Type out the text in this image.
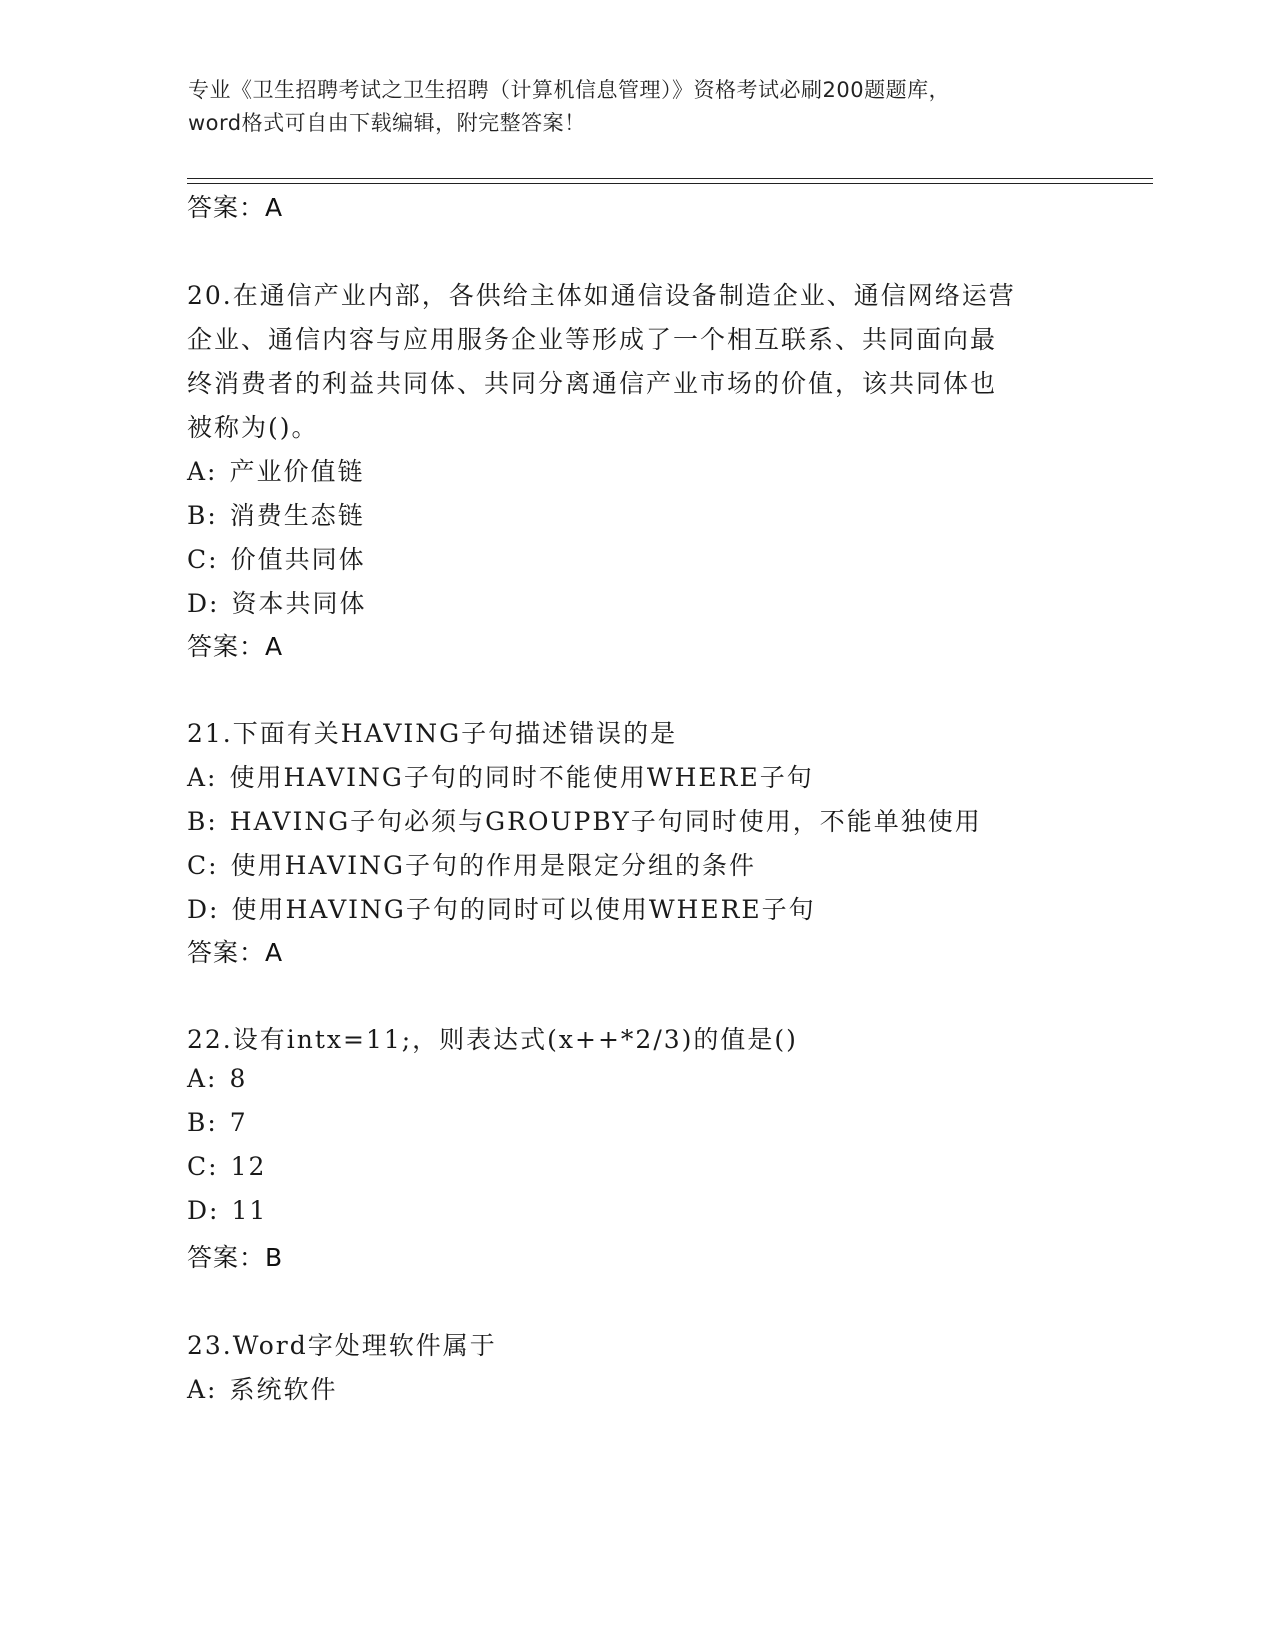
专业《卫生招聘考试之卫生招聘（计算机信息管理）》资格考试必刷200题题库，
word格式可自由下载编辑，附完整答案！
答案：A
20.在通信产业内部，各供给主体如通信设备制造企业、通信网络运营
企业、通信内容与应用服务企业等形成了一个相互联系、共同面向最
终消费者的利益共同体、共同分离通信产业市场的价值，该共同体也
被称为()。
A: 产业价值链
B: 消费生态链
C: 价值共同体
D: 资本共同体
答案：A
21.下面有关HAVING子句描述错误的是
A: 使用HAVING子句的同时不能使用WHERE子句
B: HAVING子句必须与GROUPBY子句同时使用，不能单独使用
C: 使用HAVING子句的作用是限定分组的条件
D: 使用HAVING子句的同时可以使用WHERE子句
答案：A
22.设有intx=11;，则表达式(x++*2/3)的值是()
A: 8
B: 7
C: 12
D: 11
答案：B
23.Word字处理软件属于
A: 系统软件
